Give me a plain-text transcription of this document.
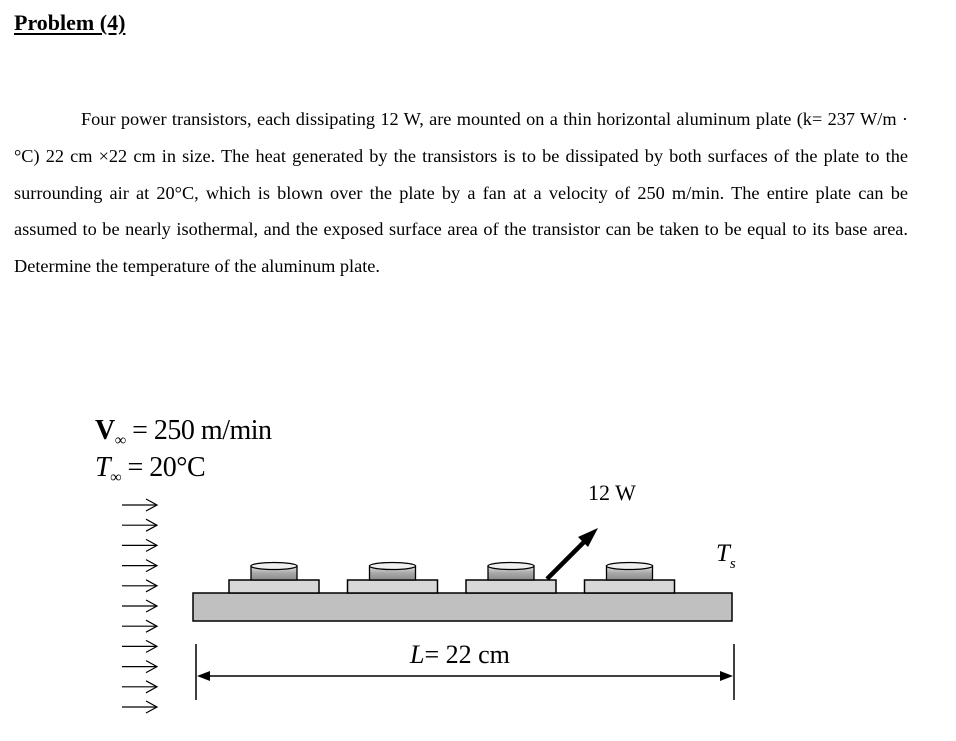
Problem (4)

Four power transistors, each dissipating 12 W, are mounted on a thin horizontal aluminum plate (k= 237 W/m · °C) 22 cm ×22 cm in size. The heat generated by the transistors is to be dissipated by both surfaces of the plate to the surrounding air at 20°C, which is blown over the plate by a fan at a velocity of 250 m/min. The entire plate can be assumed to be nearly isothermal, and the exposed surface area of the transistor can be taken to be equal to its base area. Determine the temperature of the aluminum plate.

$V_\infty = 250$ m/min
$T_\infty = 20^\circ C$
12 W
$T_s$
L= 22 cm
